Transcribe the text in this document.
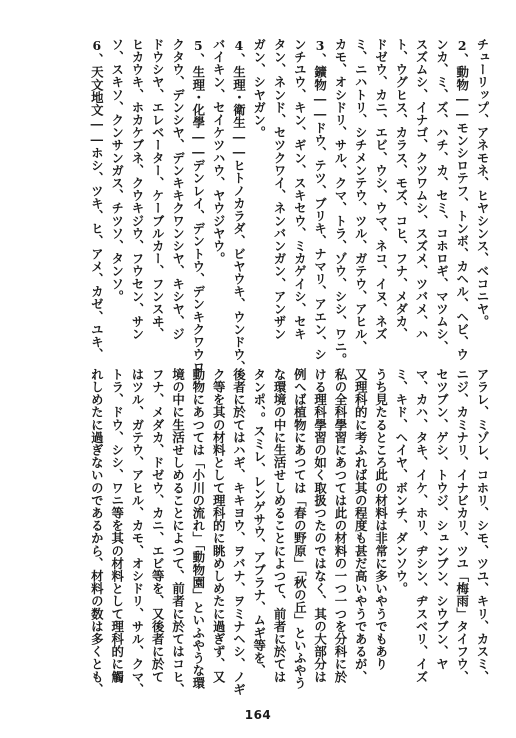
チューリップ、アネモネ、ヒヤシンス、ベコニヤ。
2、動物――モンシロテフ、トンボ、カヘル、ヘビ、ウ
ンカ、ミ、ズ、ハチ、カ、セミ、コホロギ、マツムシ、
スズムシ、イナゴ、クツワムシ、スズメ、ツバメ、ハ
ト、ウグヒス、カラス、モズ、コヒ、フナ、メダカ、
ドゼウ、カニ、エビ、ウシ、ウマ、ネコ、イヌ、ネズ
ミ、ニハトリ、シチメンテウ、ツル、ガテウ、アヒル、
カモ、オシドリ、サル、クマ、トラ、ゾウ、シシ、ワニ。
3、鑛物――ドウ、テツ、ブリキ、ナマリ、アエン、シ
ンチユウ、キン、ギン、スキセウ、ミカゲイシ、セキ
タン、ネンド、セツクワイ、ネンバンガン、アンザン
ガン、シヤガン。
4、生理・衛生――ヒトノカラダ、ビヤウキ、ウンドウ、
バイキン、セイケツハウ、ヤウジヤウ。
5、生理・化學――デンレイ、デントウ、デンキクワウロ
クタウ、デンシヤ、デンキキクワンシヤ、キシヤ、ジ
ドウシヤ、エレベーター、ケーブルカー、フンスヰ、
ヒカウキ、ホカケブネ、クウキジウ、フウセン、サン
ソ、スキソ、クンサンガス、チツソ、タンソ。
6、天文地文――ホシ、ツキ、ヒ、アメ、カゼ、ユキ、
アラレ、ミゾレ、コホリ、シモ、ツユ、キリ、カスミ、
ニジ、カミナリ、イナビカリ、ツユ「梅雨」タイフウ、
セツブン、ゲシ、トウジ、シュンブン、シウブン、ヤ
マ、カハ、タキ、イケ、ホリ、ヂシン、ヂスベリ、イズ
ミ、キド、ヘイヤ、ボンチ、ダンソウ。
うち見たるところ此の材料は非常に多いやうでもあり
又理科的に考ふれば其の程度も甚だ高いやうであるが、
私の全科學習にあつては此の材料の一つ一つを分科に於
ける理科學習の如く取扱つたのではなく、其の大部分は
例へば植物にあつては「春の野原」「秋の丘」といふやう
な環境の中に生活せしめることによつて、前者に於ては
タンポ、。スミレ、レンゲサウ、アブラナ、ムギ等を、
後者に於てはハギ、キキヨウ、ヲバナ、ヲミナヘシ、ノギ
ク等を其の材料として理科的に眺めしめたに過ぎず、又
動物にあつては「小川の流れ」「動物園」といふやうな環
境の中に生活せしめることによつて、前者に於てはコヒ、
フナ、メダカ、ドゼウ、カニ、エビ等を、又後者に於て
はツル、ガテウ、アヒル、カモ、オシドリ、サル、クマ、
トラ、ドウ、シシ、ワニ等を其の材料として理科的に觸
れしめたに過ぎないのであるから、材料の数は多くとも、
164
